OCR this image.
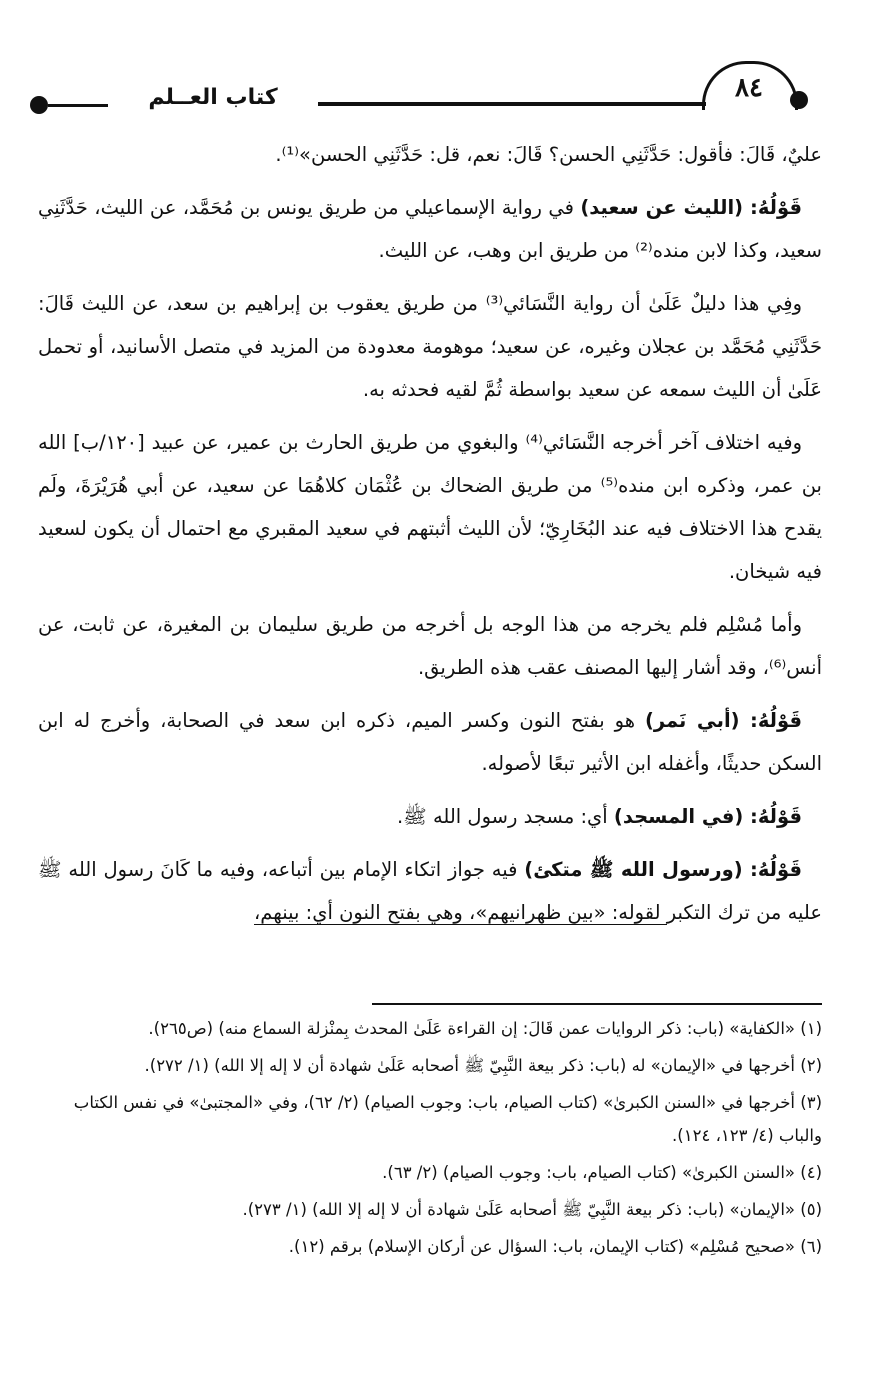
كتاب العــلم	٨٤

عليٌ، قَالَ: فأقول: حَدَّثَنِي الحسن؟ قَالَ: نعم، قل: حَدَّثَنِي الحسن»⁽¹⁾.

قَوْلُهُ: (الليث عن سعيد) في رواية الإسماعيلي من طريق يونس بن مُحَمَّد، عن الليث، حَدَّثَنِي سعيد، وكذا لابن منده⁽²⁾ من طريق ابن وهب، عن الليث.

وفِي هذا دليلٌ عَلَىٰ أن رواية النَّسَائي⁽³⁾ من طريق يعقوب بن إبراهيم بن سعد، عن الليث قَالَ: حَدَّثَنِي مُحَمَّد بن عجلان وغيره، عن سعيد؛ موهومة معدودة من المزيد في متصل الأسانيد، أو تحمل عَلَىٰ أن الليث سمعه عن سعيد بواسطة ثُمَّ لقيه فحدثه به.

وفيه اختلاف آخر أخرجه النَّسَائي⁽⁴⁾ والبغوي من طريق الحارث بن عمير، عن عبيد [١٢٠/ب] الله بن عمر، وذكره ابن منده⁽⁵⁾ من طريق الضحاك بن عُثْمَان كلاهُمَا عن سعيد، عن أبي هُرَيْرَةَ، ولَم يقدح هذا الاختلاف فيه عند البُخَارِيّ؛ لأن الليث أثبتهم في سعيد المقبري مع احتمال أن يكون لسعيد فيه شيخان.

وأما مُسْلِم فلم يخرجه من هذا الوجه بل أخرجه من طريق سليمان بن المغيرة، عن ثابت، عن أنس⁽⁶⁾، وقد أشار إليها المصنف عقب هذه الطريق.

قَوْلُهُ: (أبي نَمر) هو بفتح النون وكسر الميم، ذكره ابن سعد في الصحابة، وأخرج له ابن السكن حديثًا، وأغفله ابن الأثير تبعًا لأصوله.

قَوْلُهُ: (في المسجد) أي: مسجد رسول الله ﷺ.

قَوْلُهُ: (ورسول الله ﷺ متكئ) فيه جواز اتكاء الإمام بين أتباعه، وفيه ما كَانَ رسول الله ﷺ عليه من ترك التكبر لقوله: «بين ظهرانيهم»، وهي بفتح النون أي: بينهم،

(١) «الكفاية» (باب: ذكر الروايات عمن قَالَ: إن القراءة عَلَىٰ المحدث بِمنْزلة السماع منه) (ص٢٦٥).
(٢) أخرجها في «الإيمان» له (باب: ذكر بيعة النَّبِيّ ﷺ أصحابه عَلَىٰ شهادة أن لا إله إلا الله) (١/ ٢٧٢).
(٣) أخرجها في «السنن الكبرىٰ» (كتاب الصيام، باب: وجوب الصيام) (٢/ ٦٢)، وفي «المجتبىٰ» في نفس الكتاب والباب (٤/ ١٢٣، ١٢٤).
(٤) «السنن الكبرىٰ» (كتاب الصيام، باب: وجوب الصيام) (٢/ ٦٣).
(٥) «الإيمان» (باب: ذكر بيعة النَّبِيّ ﷺ أصحابه عَلَىٰ شهادة أن لا إله إلا الله) (١/ ٢٧٣).
(٦) «صحيح مُسْلِم» (كتاب الإيمان، باب: السؤال عن أركان الإسلام) برقم (١٢).
